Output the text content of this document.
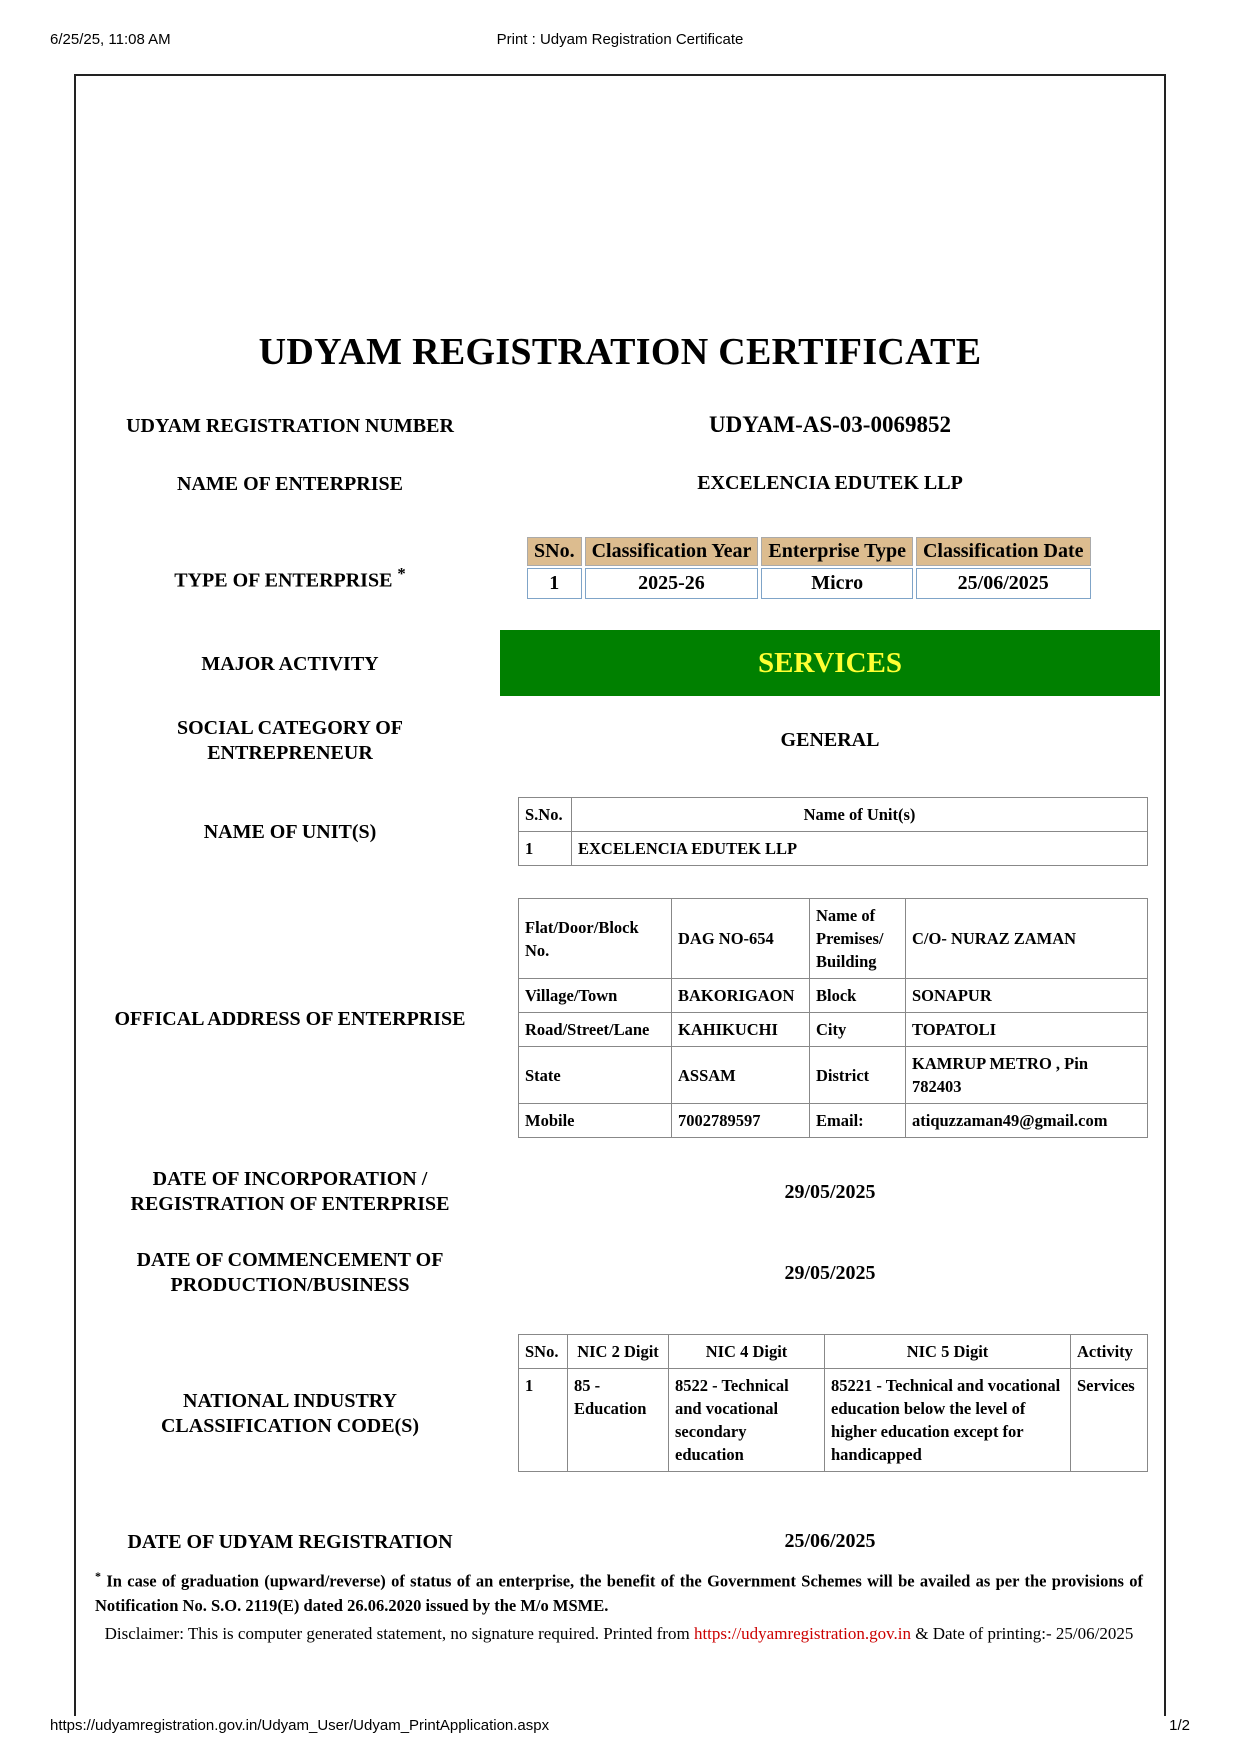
6/25/25, 11:08 AM	Print : Udyam Registration Certificate
UDYAM REGISTRATION CERTIFICATE
UDYAM REGISTRATION NUMBER	UDYAM-AS-03-0069852
NAME OF ENTERPRISE	EXCELENCIA EDUTEK LLP
TYPE OF ENTERPRISE *
SNo.	Classification Year	Enterprise Type	Classification Date
1	2025-26	Micro	25/06/2025
MAJOR ACTIVITY	SERVICES
SOCIAL CATEGORY OF
ENTREPRENEUR
GENERAL
NAME OF UNIT(S)
S.No.	Name of Unit(s)
1	EXCELENCIA EDUTEK LLP
OFFICAL ADDRESS OF ENTERPRISE
Flat/Door/Block No.	DAG NO-654	Name of Premises/ Building	C/O- NURAZ ZAMAN
Village/Town	BAKORIGAON	Block	SONAPUR
Road/Street/Lane	KAHIKUCHI	City	TOPATOLI
State	ASSAM	District	KAMRUP METRO , Pin 782403
Mobile	7002789597	Email:	atiquzzaman49@gmail.com
DATE OF INCORPORATION /
REGISTRATION OF ENTERPRISE
29/05/2025
DATE OF COMMENCEMENT OF
PRODUCTION/BUSINESS
29/05/2025
NATIONAL INDUSTRY
CLASSIFICATION CODE(S)
SNo.	NIC 2 Digit	NIC 4 Digit	NIC 5 Digit	Activity
1	85 - Education	8522 - Technical and vocational secondary education	85221 - Technical and vocational education below the level of higher education except for handicapped	Services
DATE OF UDYAM REGISTRATION	25/06/2025
* In case of graduation (upward/reverse) of status of an enterprise, the benefit of the Government Schemes will be availed as per the provisions of Notification No. S.O. 2119(E) dated 26.06.2020 issued by the M/o MSME.
Disclaimer: This is computer generated statement, no signature required. Printed from https://udyamregistration.gov.in & Date of printing:- 25/06/2025
https://udyamregistration.gov.in/Udyam_User/Udyam_PrintApplication.aspx	1/2
